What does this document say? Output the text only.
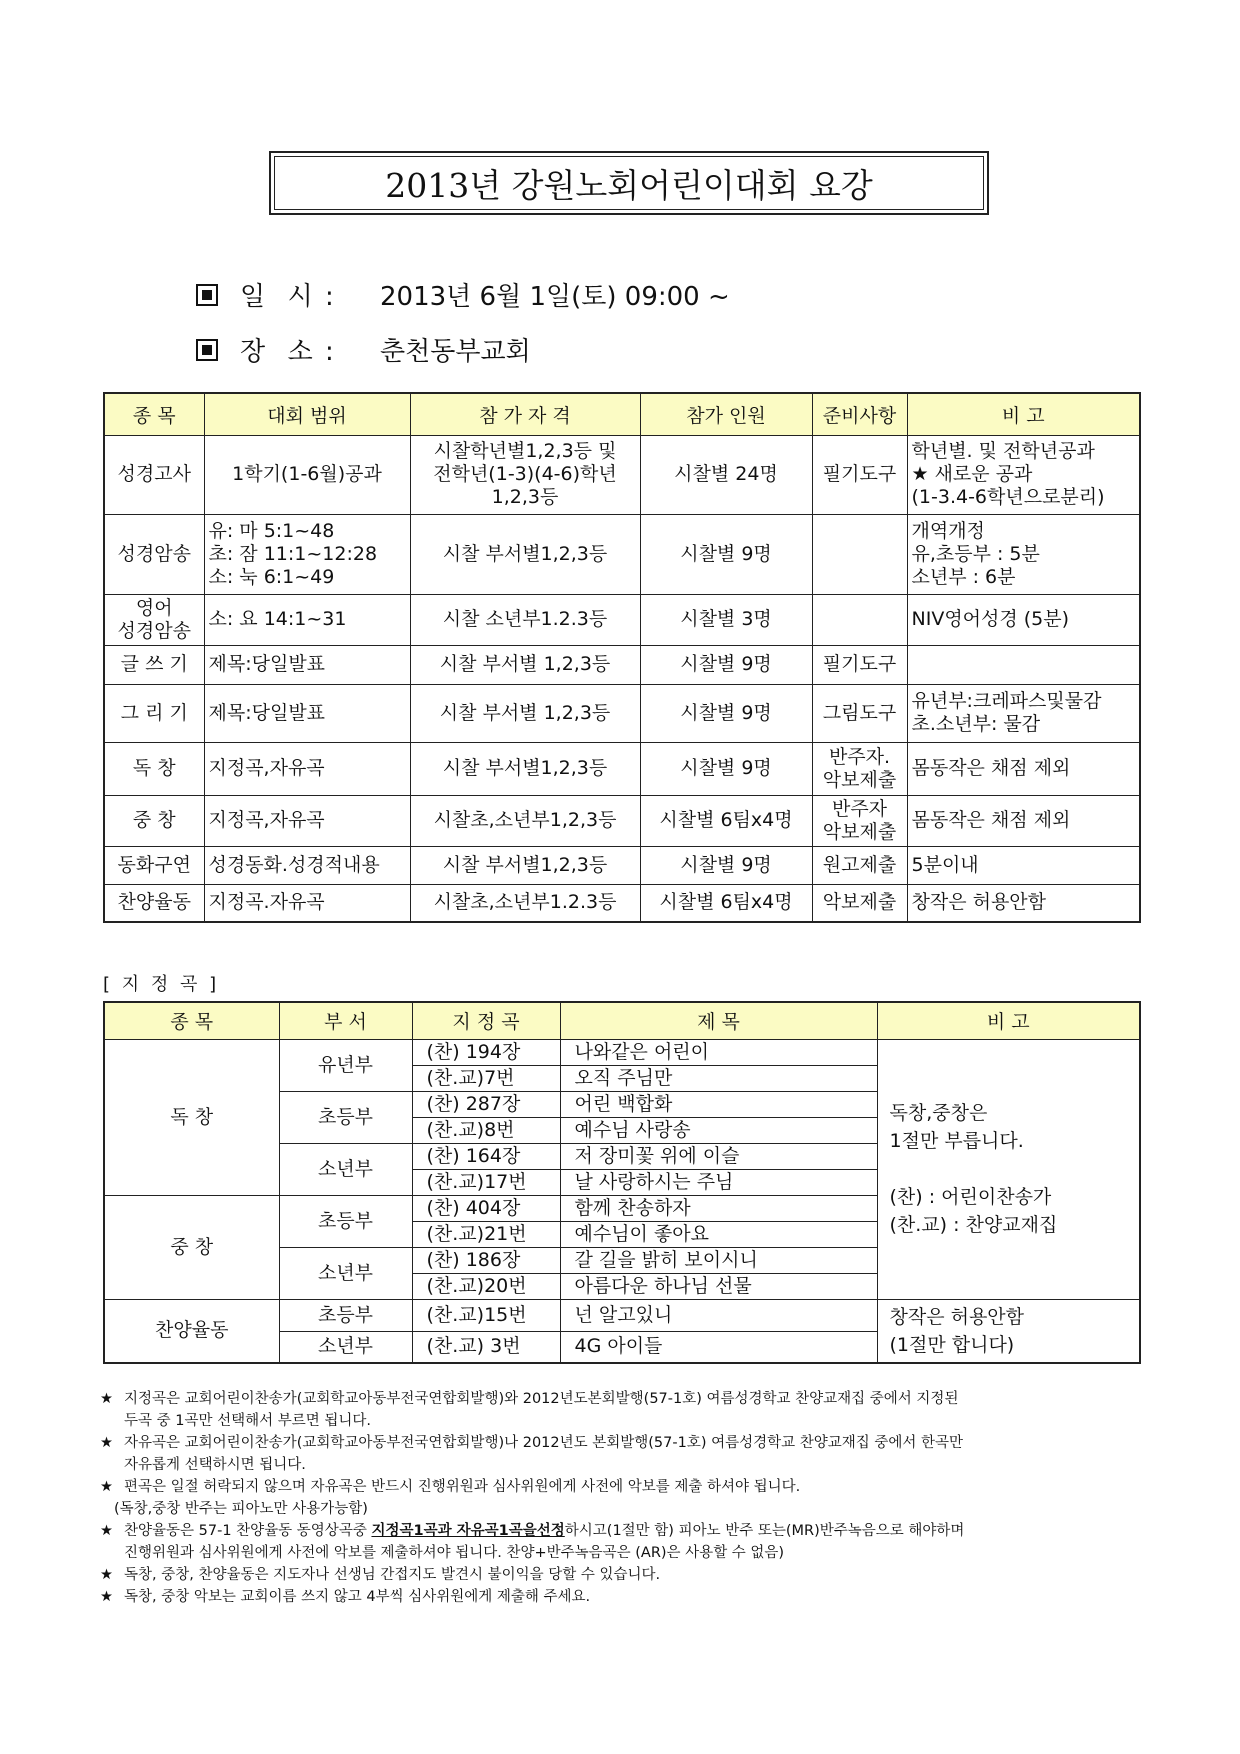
2013년 강원노회어린이대회 요강
일  시 :	2013년 6월 1일(토) 09:00 ~
장  소 :	춘천동부교회
종 목	대회 범위	참 가 자 격	참가 인원	준비사항	비 고
성경고사	1학기(1-6월)공과	시찰학년별1,2,3등 및
전학년(1-3)(4-6)학년
1,2,3등	시찰별 24명	필기도구	학년별. 및 전학년공과
★ 새로운 공과
(1-3.4-6학년으로분리)
성경암송	유: 마 5:1~48
초: 잠 11:1~12:28
소: 눅 6:1~49	시찰 부서별1,2,3등	시찰별 9명		개역개정
유,초등부 : 5분
소년부 : 6분
영어
성경암송	소: 요 14:1~31	시찰 소년부1.2.3등	시찰별 3명		NIV영어성경 (5분)
글 쓰 기	제목:당일발표	시찰 부서별 1,2,3등	시찰별 9명	필기도구	
그 리 기	제목:당일발표	시찰 부서별 1,2,3등	시찰별 9명	그림도구	유년부:크레파스및물감
초.소년부: 물감
독 창	지정곡,자유곡	시찰 부서별1,2,3등	시찰별 9명	반주자.
악보제출	몸동작은 채점 제외
중 창	지정곡,자유곡	시찰초,소년부1,2,3등	시찰별 6팀x4명	반주자
악보제출	몸동작은 채점 제외
동화구연	성경동화.성경적내용	시찰 부서별1,2,3등	시찰별 9명	원고제출	5분이내
찬양율동	지정곡.자유곡	시찰초,소년부1.2.3등	시찰별 6팀x4명	악보제출	창작은 허용안함
[ 지 정 곡 ]
종 목	부 서	지 정 곡	제 목	비 고
독 창	유년부	(찬) 194장	나와같은 어린이	독창,중창은
1절만 부릅니다.

(찬) : 어린이찬송가
(찬.교) : 찬양교재집
		(찬.교)7번	오직 주님만	
	초등부	(찬) 287장	어린 백합화	
		(찬.교)8번	예수님 사랑송	
	소년부	(찬) 164장	저 장미꽃 위에 이슬	
		(찬.교)17번	날 사랑하시는 주님	
중 창	초등부	(찬) 404장	함께 찬송하자	
		(찬.교)21번	예수님이 좋아요	
	소년부	(찬) 186장	갈 길을 밝히 보이시니	
		(찬.교)20번	아름다운 하나님 선물	
찬양율동	초등부	(찬.교)15번	넌 알고있니	창작은 허용안함
(1절만 합니다)
	소년부	(찬.교) 3번	4G 아이들	
★ 지정곡은 교회어린이찬송가(교회학교아동부전국연합회발행)와 2012년도본회발행(57-1호) 여름성경학교 찬양교재집 중에서 지정된
두곡 중 1곡만 선택해서 부르면 됩니다.
★ 자유곡은 교회어린이찬송가(교회학교아동부전국연합회발행)나 2012년도 본회발행(57-1호) 여름성경학교 찬양교재집 중에서 한곡만
자유롭게 선택하시면 됩니다.
★ 편곡은 일절 허락되지 않으며 자유곡은 반드시 진행위원과 심사위원에게 사전에 악보를 제출 하셔야 됩니다.
(독창,중창 반주는 피아노만 사용가능함)
★ 찬양율동은 57-1 찬양율동 동영상곡중 지정곡1곡과 자유곡1곡을선정하시고(1절만 함) 피아노 반주 또는(MR)반주녹음으로 해야하며
진행위원과 심사위원에게 사전에 악보를 제출하셔야 됩니다. 찬양+반주녹음곡은 (AR)은 사용할 수 없음)
★ 독창, 중창, 찬양율동은 지도자나 선생님 간접지도 발견시 불이익을 당할 수 있습니다.
★ 독창, 중창 악보는 교회이름 쓰지 않고 4부씩 심사위원에게 제출해 주세요.
